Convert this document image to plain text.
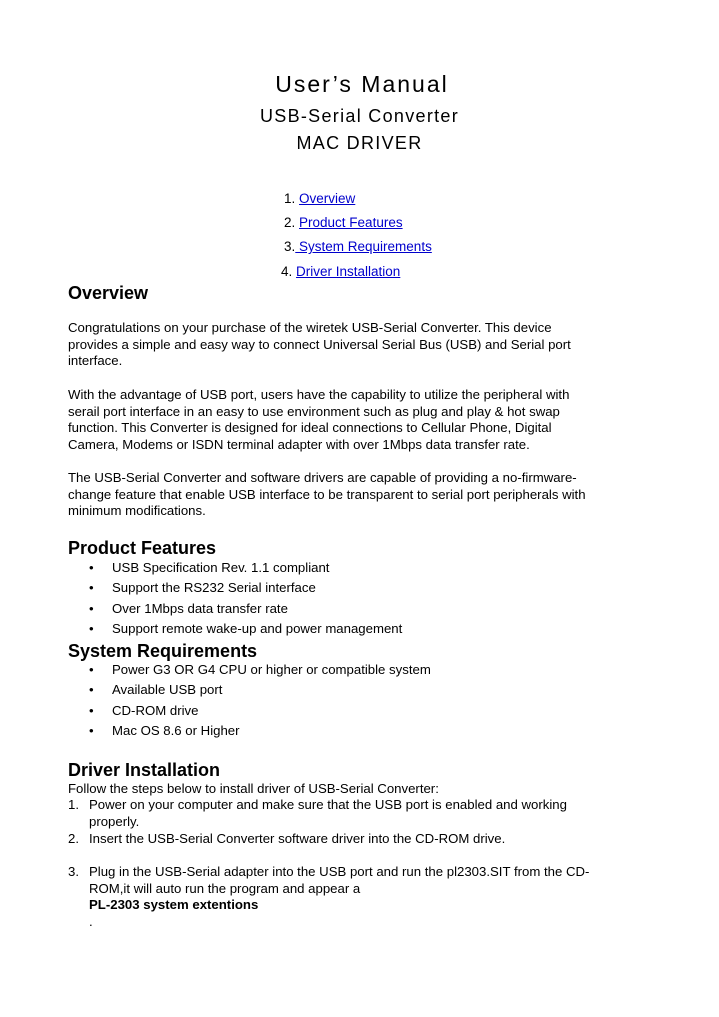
User’s Manual
USB-Serial Converter
MAC DRIVER
1. Overview
2. Product Features
3. System Requirements
4. Driver Installation
Overview
Congratulations on your purchase of the wiretek USB-Serial Converter. This device
provides a simple and easy way to connect Universal Serial Bus (USB) and Serial port
interface.
With the advantage of USB port, users have the capability to utilize the peripheral with
serail port interface in an easy to use environment such as plug and play & hot swap
function. This Converter is designed for ideal connections to Cellular Phone, Digital
Camera, Modems or ISDN terminal adapter with over 1Mbps data transfer rate.
The USB-Serial Converter and software drivers are capable of providing a no-firmware-
change feature that enable USB interface to be transparent to serial port peripherals with
minimum modifications.
Product Features
• USB Specification Rev. 1.1 compliant
• Support the RS232 Serial interface
• Over 1Mbps data transfer rate
• Support remote wake-up and power management
System Requirements
• Power G3 OR G4 CPU or higher or compatible system
• Available USB port
• CD-ROM drive
• Mac OS 8.6 or Higher
Driver Installation
Follow the steps below to install driver of USB-Serial Converter:
1. Power on your computer and make sure that the USB port is enabled and working
properly.
2. Insert the USB-Serial Converter software driver into the CD-ROM drive.
3. Plug in the USB-Serial adapter into the USB port and run the pl2303.SIT from the CD-
ROM,it will auto run the program and appear a
PL-2303 system extentions
.
